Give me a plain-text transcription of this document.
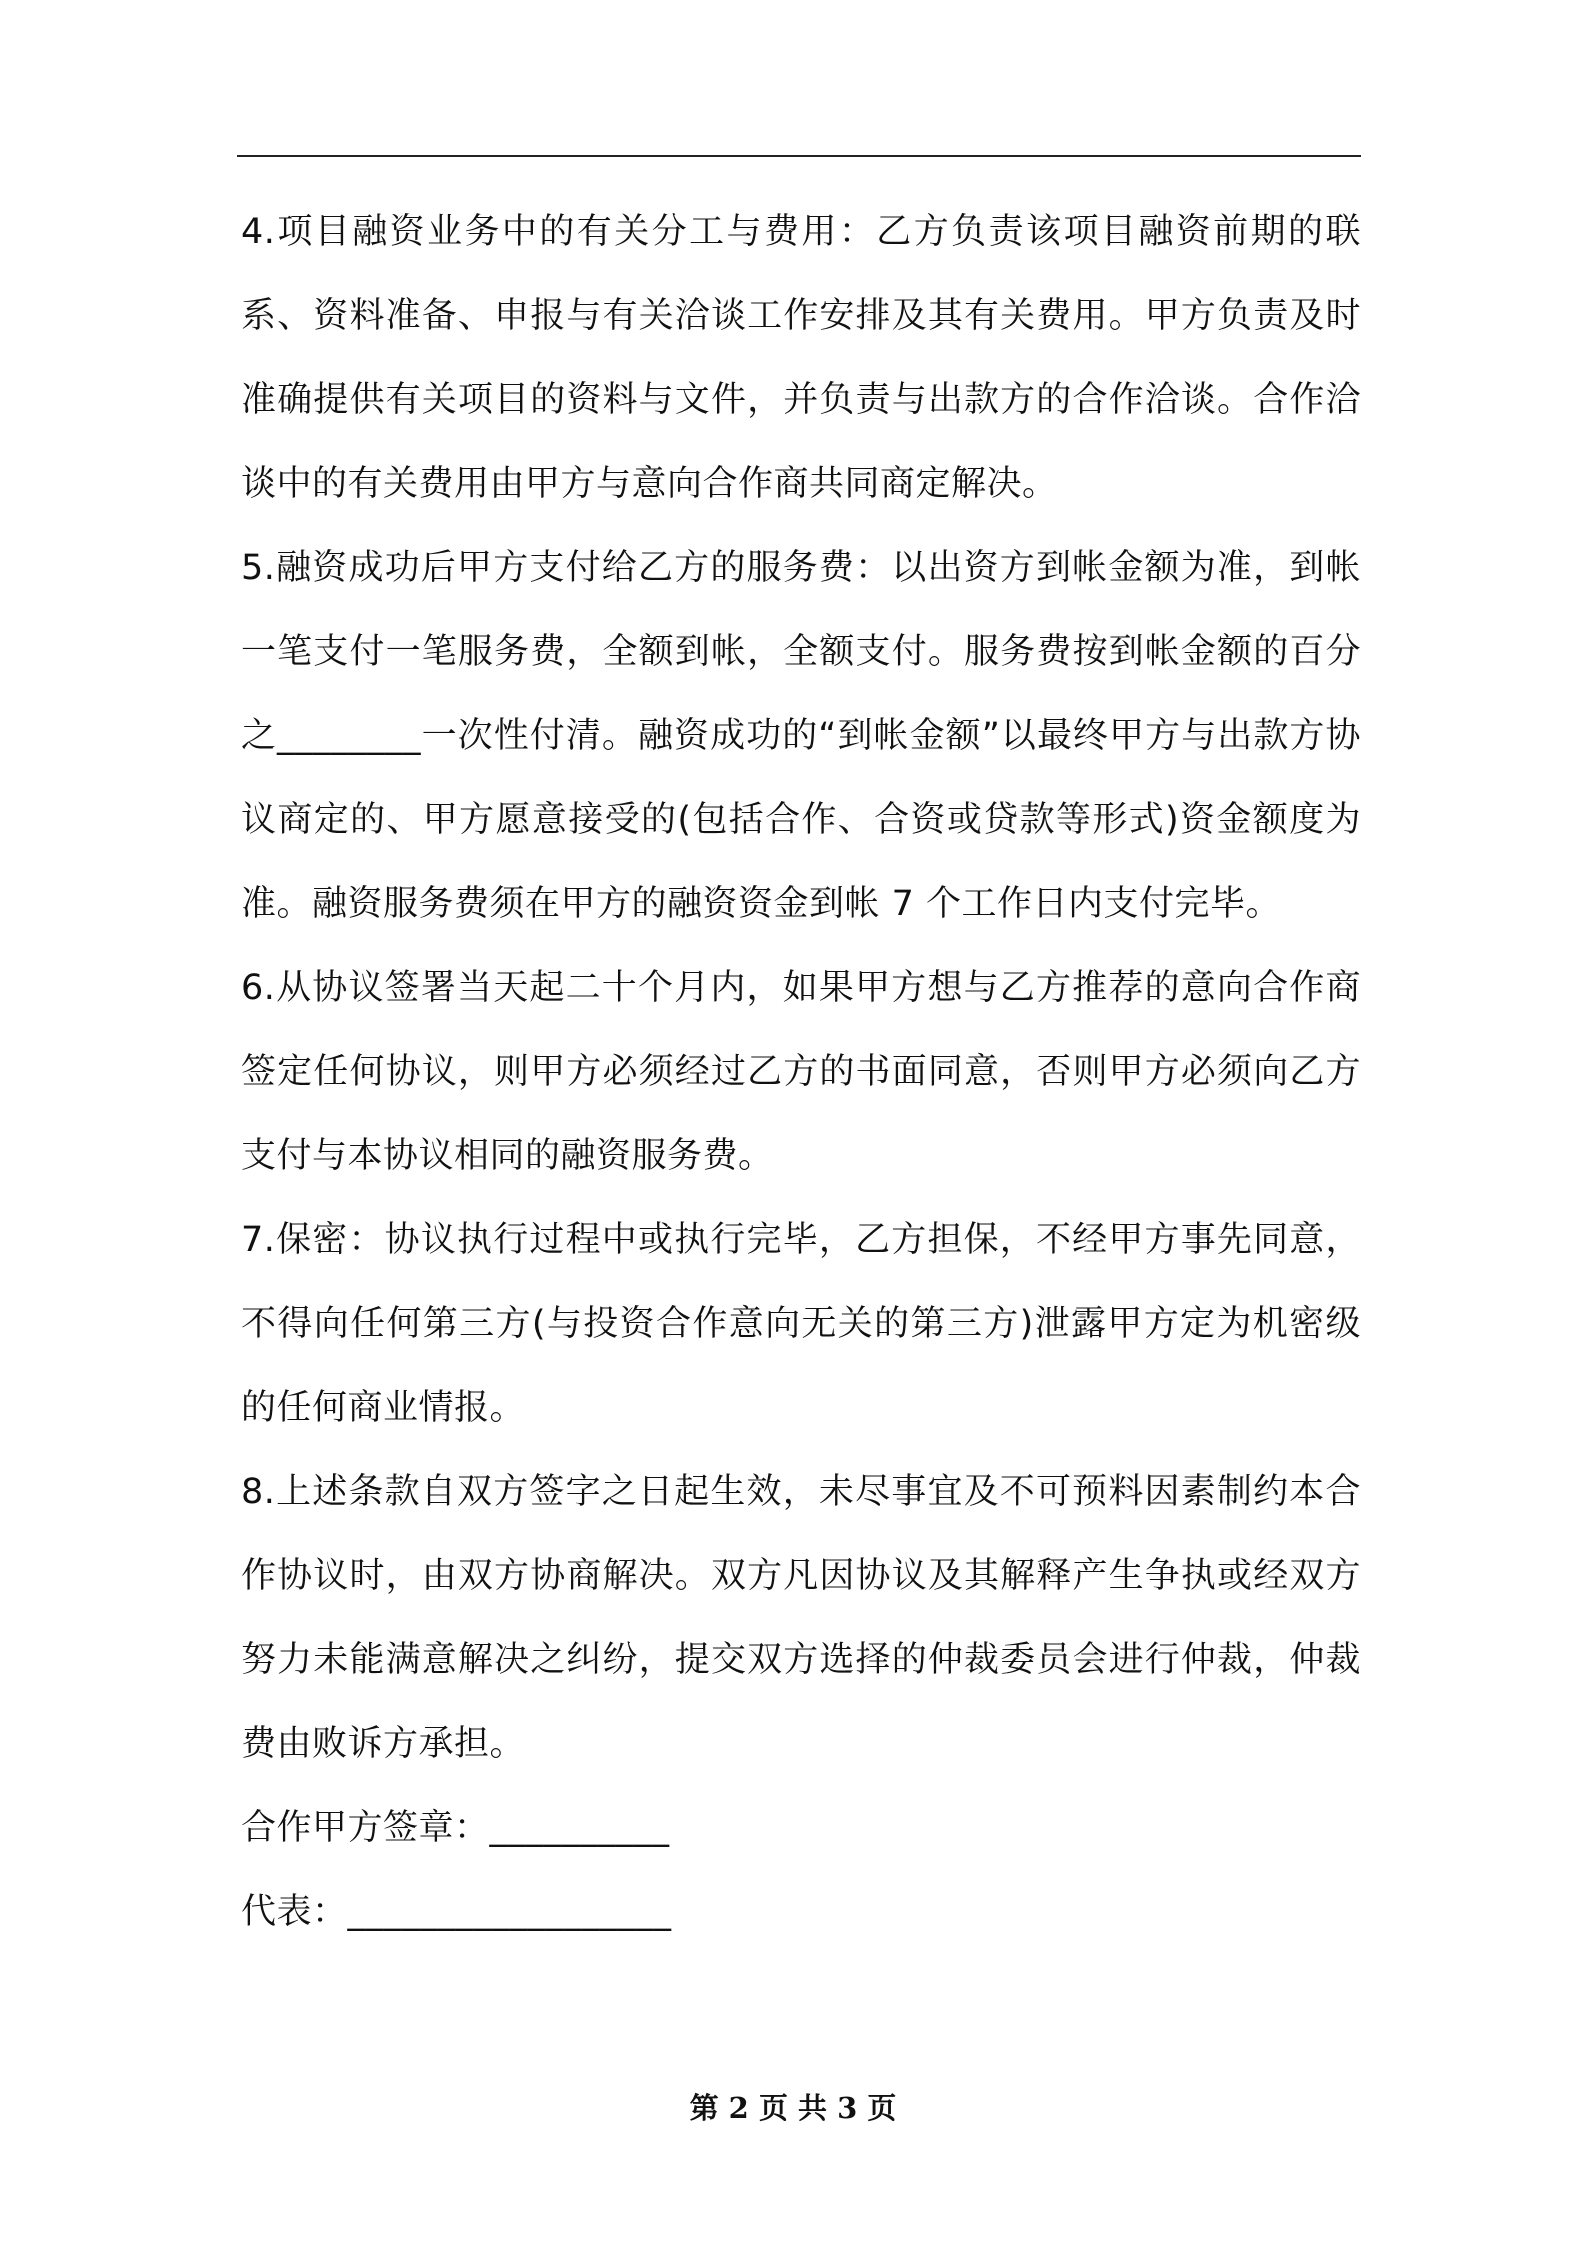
4.项目融资业务中的有关分工与费用：乙方负责该项目融资前期的联系、资料准备、申报与有关洽谈工作安排及其有关费用。甲方负责及时准确提供有关项目的资料与文件，并负责与出款方的合作洽谈。合作洽谈中的有关费用由甲方与意向合作商共同商定解决。

5.融资成功后甲方支付给乙方的服务费：以出资方到帐金额为准，到帐一笔支付一笔服务费，全额到帐，全额支付。服务费按到帐金额的百分之________一次性付清。融资成功的“到帐金额”以最终甲方与出款方协议商定的、甲方愿意接受的(包括合作、合资或贷款等形式)资金额度为准。融资服务费须在甲方的融资资金到帐 7 个工作日内支付完毕。

6.从协议签署当天起二十个月内，如果甲方想与乙方推荐的意向合作商签定任何协议，则甲方必须经过乙方的书面同意，否则甲方必须向乙方支付与本协议相同的融资服务费。

7.保密：协议执行过程中或执行完毕，乙方担保，不经甲方事先同意，不得向任何第三方(与投资合作意向无关的第三方)泄露甲方定为机密级的任何商业情报。

8.上述条款自双方签字之日起生效，未尽事宜及不可预料因素制约本合作协议时，由双方协商解决。双方凡因协议及其解释产生争执或经双方努力未能满意解决之纠纷，提交双方选择的仲裁委员会进行仲裁，仲裁费由败诉方承担。

合作甲方签章：__________

代表：__________________

第 2 页 共 3 页
